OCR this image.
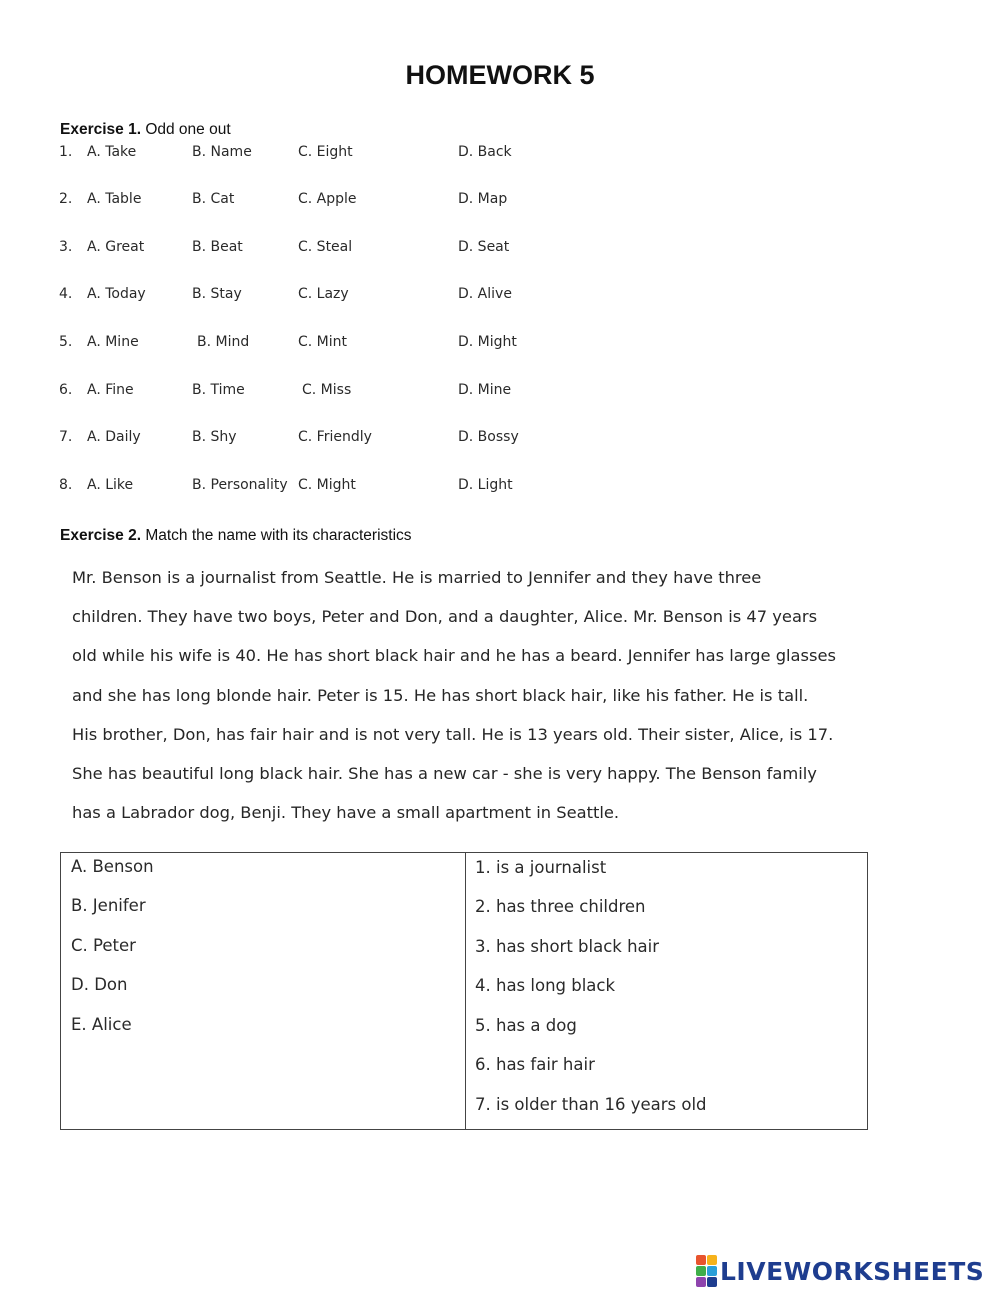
HOMEWORK 5
Exercise 1. Odd one out
1. A. Take	B. Name	C. Eight	D. Back
2. A. Table	B. Cat	C. Apple	D. Map
3. A. Great	B. Beat	C. Steal	D. Seat
4. A. Today	B. Stay	C. Lazy	D. Alive
5. A. Mine	B. Mind	C. Mint	D. Might
6. A. Fine	B. Time	C. Miss	D. Mine
7. A. Daily	B. Shy	C. Friendly	D. Bossy
8. A. Like	B. Personality C. Might	D. Light
Exercise 2. Match the name with its characteristics

Mr. Benson is a journalist from Seattle. He is married to Jennifer and they have three

children. They have two boys, Peter and Don, and a daughter, Alice. Mr. Benson is 47 years

old while his wife is 40. He has short black hair and he has a beard. Jennifer has large glasses

and she has long blonde hair. Peter is 15. He has short black hair, like his father. He is tall.

His brother, Don, has fair hair and is not very tall. He is 13 years old. Their sister, Alice, is 17.

She has beautiful long black hair. She has a new car - she is very happy. The Benson family

has a Labrador dog, Benji. They have a small apartment in Seattle.

A. Benson
B. Jenifer
C. Peter
D. Don
E. Alice
1. is a journalist
2. has three children
3. has short black hair
4. has long black
5. has a dog
6. has fair hair
7. is older than 16 years old
LIVEWORKSHEETS
